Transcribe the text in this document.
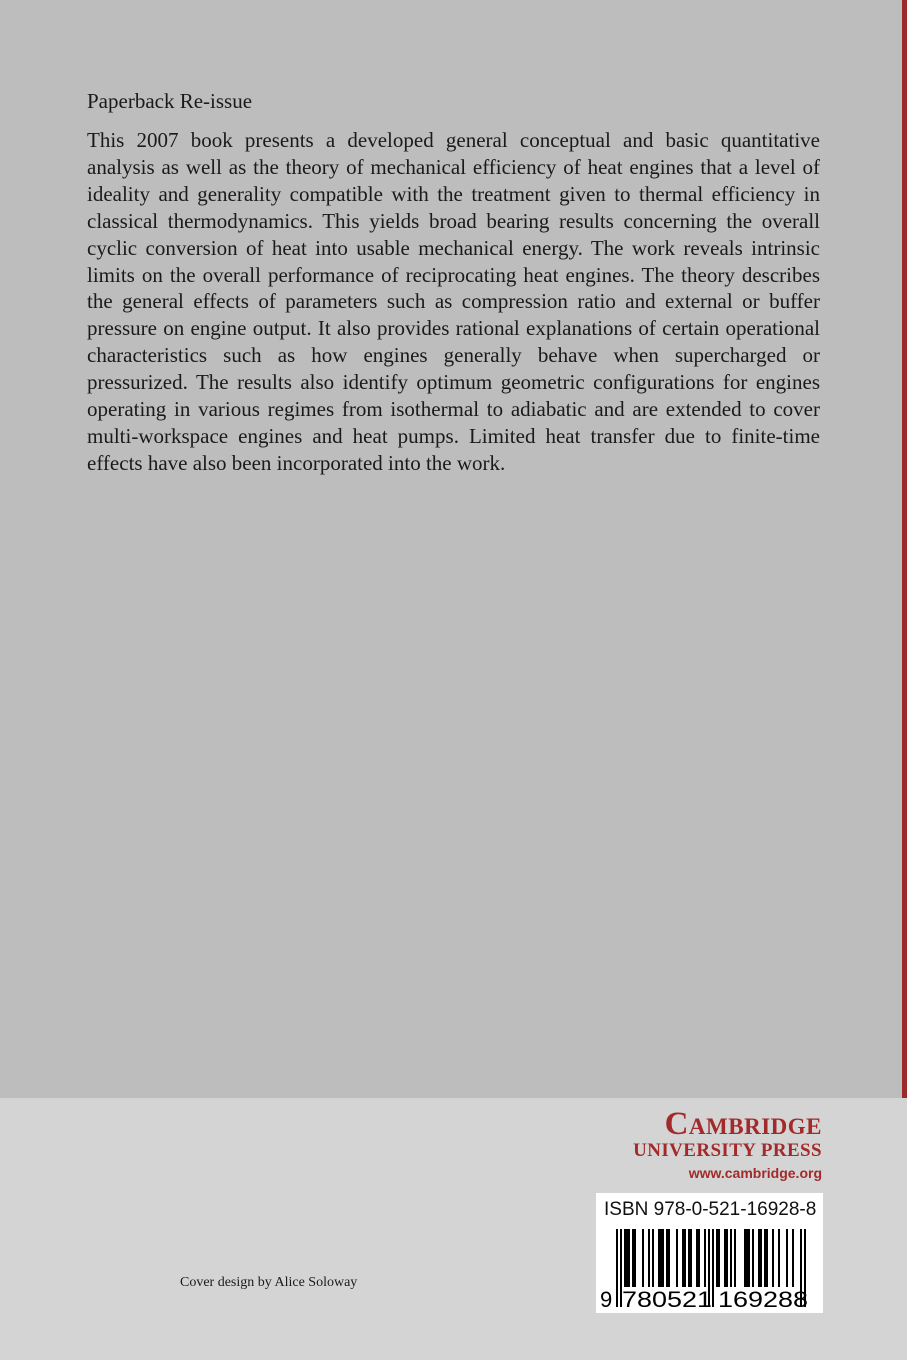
Paperback Re-issue

This 2007 book presents a developed general conceptual and basic quantitative analysis as well as the theory of mechanical efficiency of heat engines that a level of ideality and generality compatible with the treatment given to thermal efficiency in classical thermodynamics. This yields broad bearing results concerning the overall cyclic conversion of heat into usable mechanical energy. The work reveals intrinsic limits on the overall performance of reciprocating heat engines. The theory describes the general effects of parameters such as compression ratio and external or buffer pressure on engine output. It also provides rational explanations of certain operational characteristics such as how engines generally behave when supercharged or pressurized. The results also identify optimum geometric configurations for engines operating in various regimes from isothermal to adiabatic and are extended to cover multi-workspace engines and heat pumps. Limited heat transfer due to finite-time effects have also been incorporated into the work.

Cambridge
UNIVERSITY PRESS
www.cambridge.org
ISBN 978-0-521-16928-8
9 780521 169288
Cover design by Alice Soloway
